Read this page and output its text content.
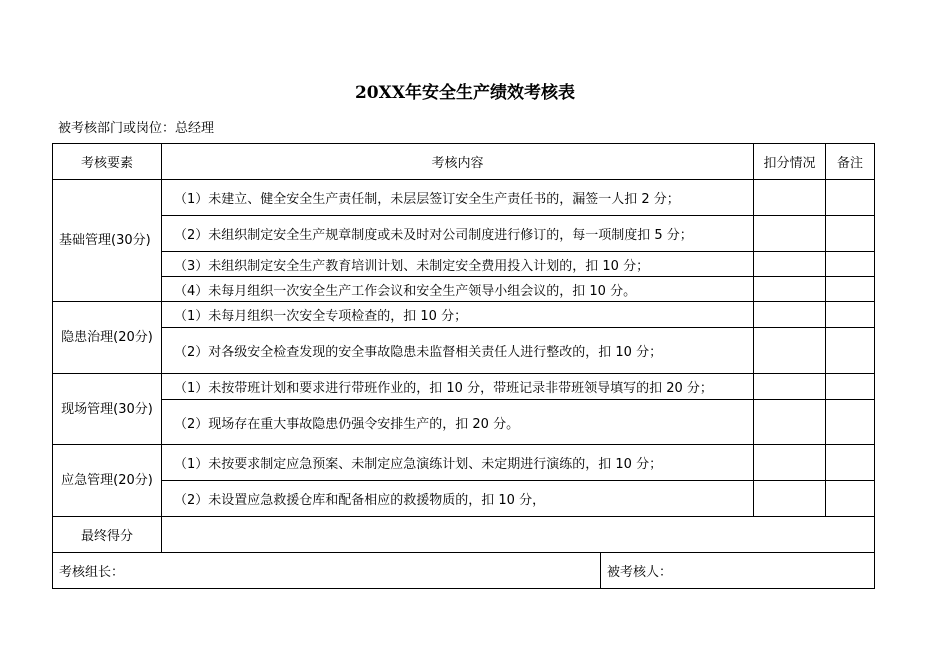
20XX年安全生产绩效考核表
被考核部门或岗位：总经理
考核要素	考核内容		扣分情况	备注
基础管理(30分)	（1）未建立、健全安全生产责任制，未层层签订安全生产责任书的，漏签一人扣 2 分；			
	（2）未组织制定安全生产规章制度或未及时对公司制度进行修订的，每一项制度扣 5 分；			
	（3）未组织制定安全生产教育培训计划、未制定安全费用投入计划的，扣 10 分；			
	（4）未每月组织一次安全生产工作会议和安全生产领导小组会议的，扣 10 分。			
隐患治理(20分)	（1）未每月组织一次安全专项检查的，扣 10 分；			
	（2）对各级安全检查发现的安全事故隐患未监督相关责任人进行整改的，扣 10 分；			
现场管理(30分)	（1）未按带班计划和要求进行带班作业的，扣 10 分，带班记录非带班领导填写的扣 20 分；			
	（2）现场存在重大事故隐患仍强令安排生产的，扣 20 分。			
应急管理(20分)	（1）未按要求制定应急预案、未制定应急演练计划、未定期进行演练的，扣 10 分；			
	（2）未设置应急救援仓库和配备相应的救援物质的，扣 10 分，			
最终得分				
考核组长：		被考核人：		
